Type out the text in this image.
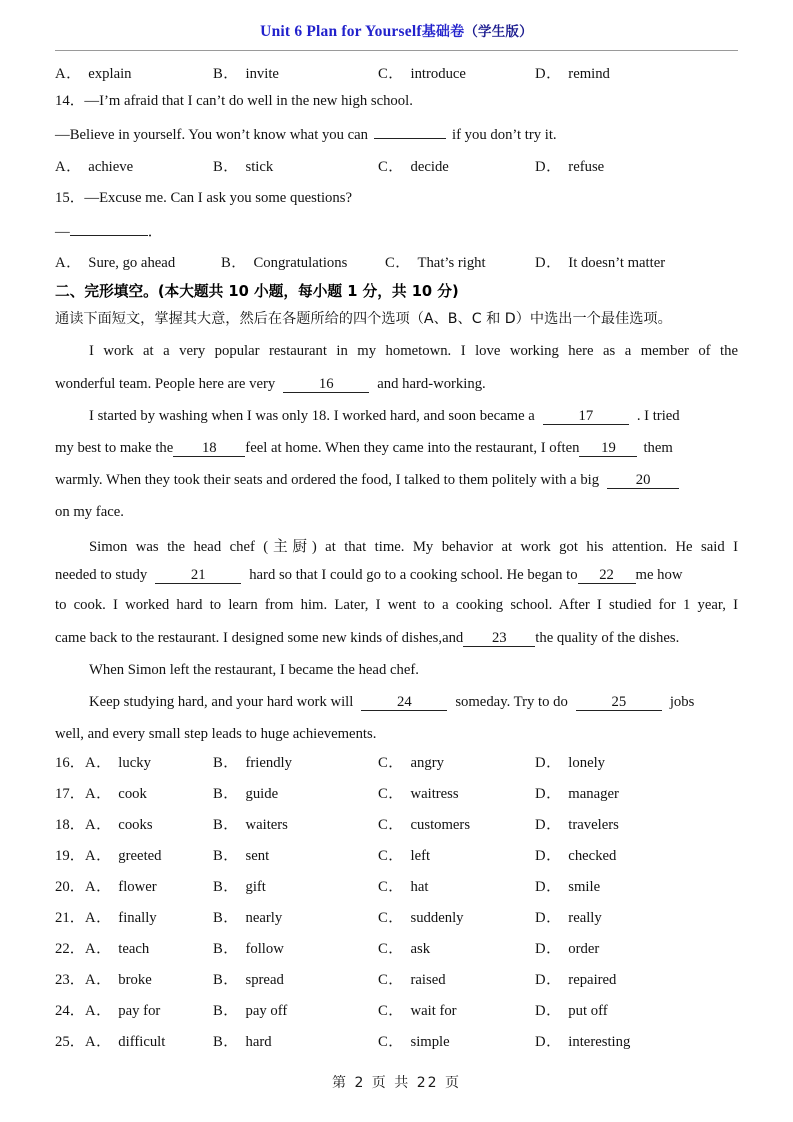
Unit 6 Plan for Yourself基础卷（学生版）
A． explain	B． invite	C． introduce	D． remind
14．—I’m afraid that I can’t do well in the new high school.
—Believe in yourself. You won’t know what you can	if you don’t try it.
A． achieve	B． stick	C． decide	D． refuse
15．—Excuse me. Can I ask you some questions?
—	．
A． Sure, go ahead	B． Congratulations	C． That’s right	D． It doesn’t matter
二、完形填空。(本大题共 10 小题，每小题 1 分，共 10 分)
通读下面短文，掌握其大意，然后在各题所给的四个选项（A、B、C 和 D）中选出一个最佳选项。
I work at a very popular restaurant in my hometown. I love working here as a member of the
wonderful team. People here are very	16	and hard-working.
I started by washing when I was only 18. I worked hard, and soon became a	17	. I tried
my best to make the 18 feel at home. When they came into the restaurant, I often 19 them
warmly. When they took their seats and ordered the food, I talked to them politely with a big 20
on my face.
Simon was the head chef (主厨) at that time. My behavior at work got his attention. He said I
needed to study	21	hard so that I could go to a cooking school. He began to 22 me how
to cook. I worked hard to learn from him. Later, I went to a cooking school. After I studied for 1 year, I
came back to the restaurant. I designed some new kinds of dishes,and 23 the quality of the dishes.
When Simon left the restaurant, I became the head chef.
Keep studying hard, and your hard work will	24	someday. Try to do	25	jobs
well, and every small step leads to huge achievements.
16． A． lucky	B． friendly	C． angry	D． lonely
17． A． cook	B． guide	C． waitress	D． manager
18． A． cooks	B． waiters	C． customers	D． travelers
19． A． greeted	B． sent	C． left	D． checked
20． A． flower	B． gift	C． hat	D． smile
21． A． finally	B． nearly	C． suddenly	D． really
22． A． teach	B． follow	C． ask	D． order
23． A． broke	B． spread	C． raised	D． repaired
24． A． pay for	B． pay off	C． wait for	D． put off
25． A． difficult	B． hard	C． simple	D． interesting
第 2 页 共 22 页
